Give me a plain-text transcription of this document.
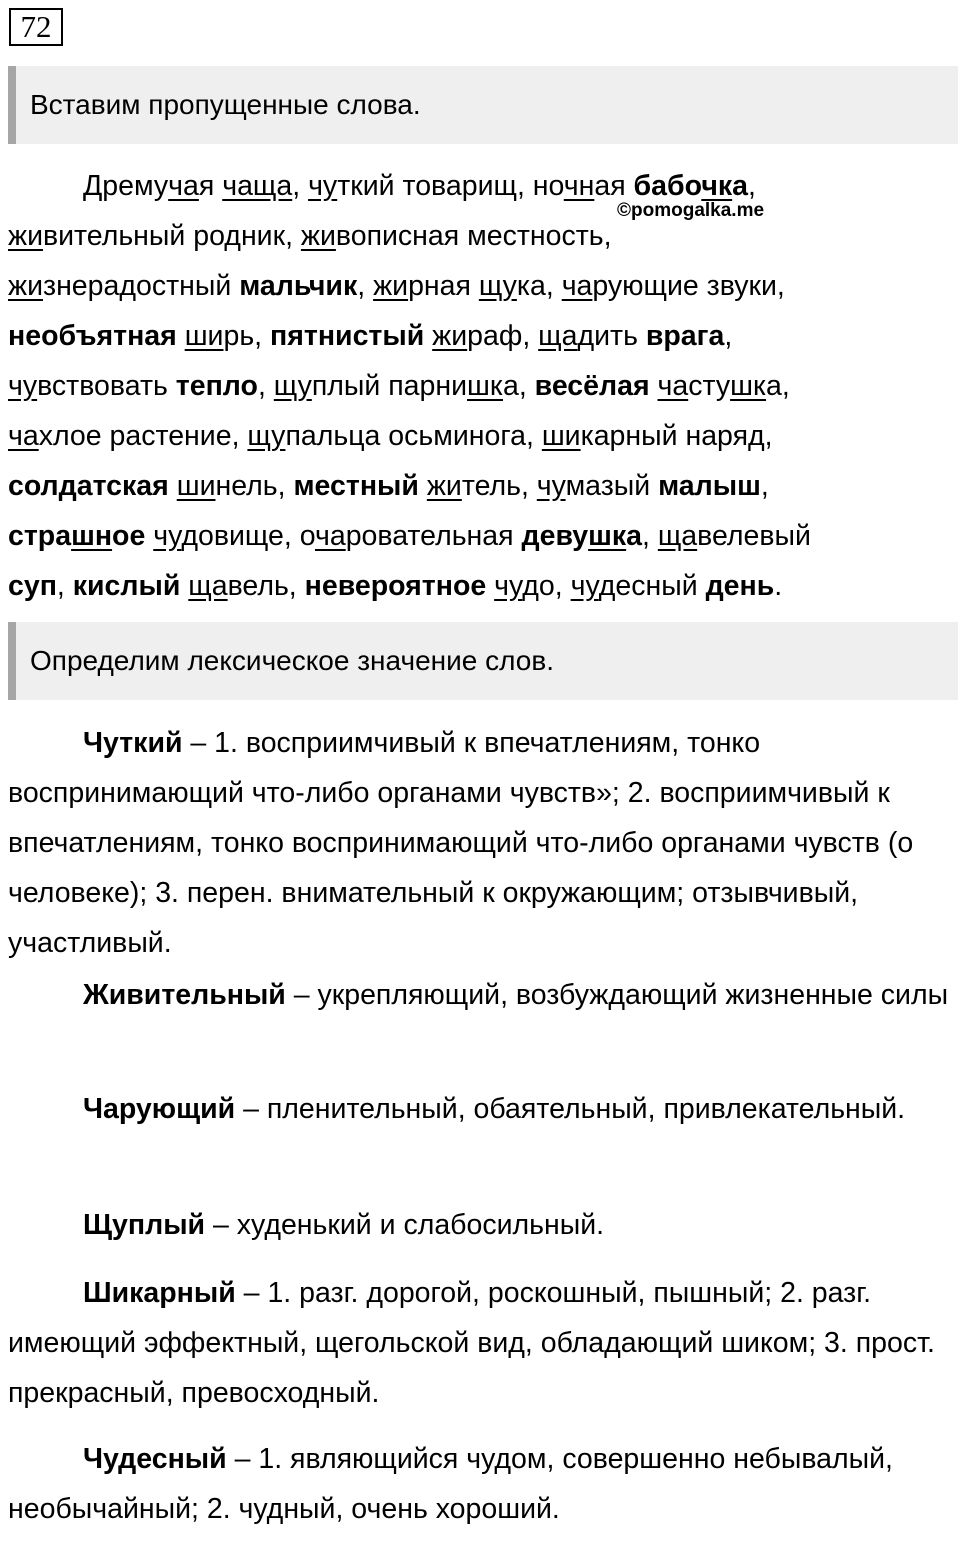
72
Вставим пропущенные слова.
Дремучая чаща, чуткий товарищ, ночная бабочка,
живительный родник, живописная местность,
жизнерадостный мальчик, жирная щука, чарующие звуки,
необъятная ширь, пятнистый жираф, щадить врага,
чувствовать тепло, щуплый парнишка, весёлая частушка,
чахлое растение, щупальца осьминога, шикарный наряд,
солдатская шинель, местный житель, чумазый малыш,
страшное чудовище, очаровательная девушка, щавелевый
суп, кислый щавель, невероятное чудо, чудесный день.
©pomogalka.me
Определим лексическое значение слов.
Чуткий – 1. восприимчивый к впечатлениям, тонко воспринимающий что-либо органами чувств»; 2. восприимчивый к впечатлениям, тонко воспринимающий что-либо органами чувств (о человеке); 3. перен. внимательный к окружающим; отзывчивый, участливый.
Живительный – укрепляющий, возбуждающий жизненные силы
Чарующий – пленительный, обаятельный, привлекательный.
Щуплый – худенький и слабосильный.
Шикарный – 1. разг. дорогой, роскошный, пышный; 2. разг. имеющий эффектный, щегольской вид, обладающий шиком; 3. прост. прекрасный, превосходный.
Чудесный – 1. являющийся чудом, совершенно небывалый, необычайный; 2. чудный, очень хороший.
